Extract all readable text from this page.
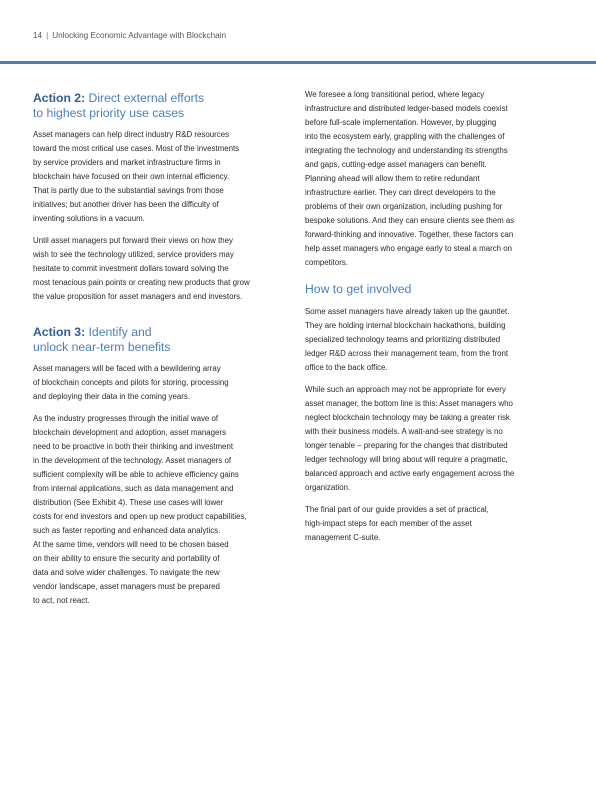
14 | Unlocking Economic Advantage with Blockchain
Action 2: Direct external efforts
to highest priority use cases

Asset managers can help direct industry R&D resources
toward the most critical use cases. Most of the investments
by service providers and market infrastructure firms in
blockchain have focused on their own internal efficiency.
That is partly due to the substantial savings from those
initiatives; but another driver has been the difficulty of
inventing solutions in a vacuum.

Until asset managers put forward their views on how they
wish to see the technology utilized, service providers may
hesitate to commit investment dollars toward solving the
most tenacious pain points or creating new products that grow
the value proposition for asset managers and end investors.

Action 3: Identify and
unlock near-term benefits

Asset managers will be faced with a bewildering array
of blockchain concepts and pilots for storing, processing
and deploying their data in the coming years.

As the industry progresses through the initial wave of
blockchain development and adoption, asset managers
need to be proactive in both their thinking and investment
in the development of the technology. Asset managers of
sufficient complexity will be able to achieve efficiency gains
from internal applications, such as data management and
distribution (See Exhibit 4). These use cases will lower
costs for end investors and open up new product capabilities,
such as faster reporting and enhanced data analytics.
At the same time, vendors will need to be chosen based
on their ability to ensure the security and portability of
data and solve wider challenges. To navigate the new
vendor landscape, asset managers must be prepared
to act, not react.

We foresee a long transitional period, where legacy
infrastructure and distributed ledger-based models coexist
before full-scale implementation. However, by plugging
into the ecosystem early, grappling with the challenges of
integrating the technology and understanding its strengths
and gaps, cutting-edge asset managers can benefit.
Planning ahead will allow them to retire redundant
infrastructure earlier. They can direct developers to the
problems of their own organization, including pushing for
bespoke solutions. And they can ensure clients see them as
forward-thinking and innovative. Together, these factors can
help asset managers who engage early to steal a march on
competitors.

How to get involved

Some asset managers have already taken up the gauntlet.
They are holding internal blockchain hackathons, building
specialized technology teams and prioritizing distributed
ledger R&D across their management team, from the front
office to the back office.

While such an approach may not be appropriate for every
asset manager, the bottom line is this: Asset managers who
neglect blockchain technology may be taking a greater risk
with their business models. A wait-and-see strategy is no
longer tenable – preparing for the changes that distributed
ledger technology will bring about will require a pragmatic,
balanced approach and active early engagement across the
organization.

The final part of our guide provides a set of practical,
high-impact steps for each member of the asset
management C-suite.
